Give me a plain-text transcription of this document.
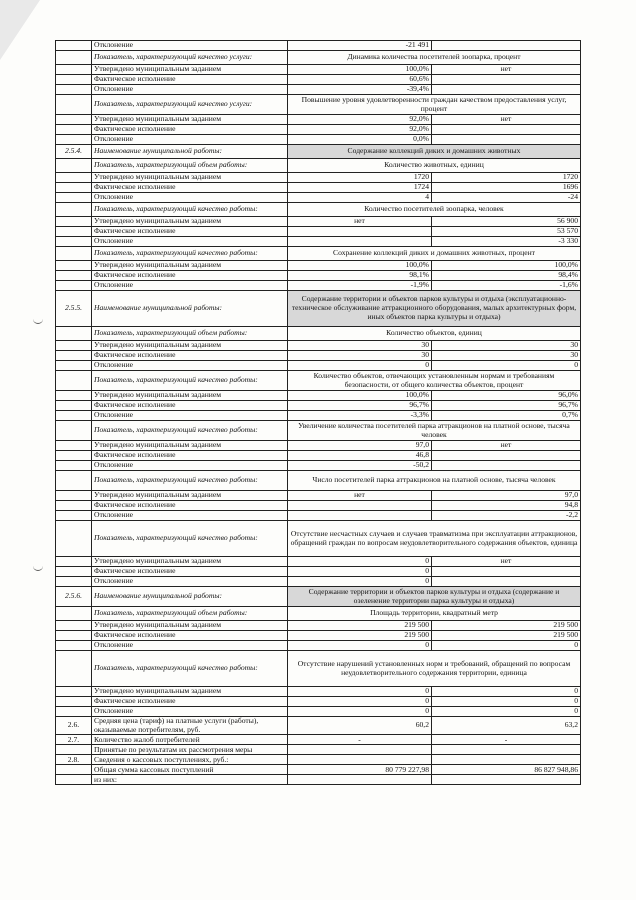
	Отклонение	-21 491	
	Показатель, характеризующий качество услуги:	Динамика количества посетителей зоопарка, процент	
	Утверждено муниципальным заданием	100,0%	нет
	Фактическое исполнение	60,6%	
	Отклонение	-39,4%	
	Показатель, характеризующий качество услуги:	Повышение уровня удовлетворенности граждан качеством предоставления услуг, процент	
	Утверждено муниципальным заданием	92,0%	нет
	Фактическое исполнение	92,0%	
	Отклонение	0,0%	
2.5.4.	Наименование муниципальной работы:	Содержание коллекций диких и домашних животных	
	Показатель, характеризующий объем работы:	Количество животных, единиц	
	Утверждено муниципальным заданием	1720	1720
	Фактическое исполнение	1724	1696
	Отклонение	4	-24
	Показатель, характеризующий качество работы:	Количество посетителей зоопарка, человек	
	Утверждено муниципальным заданием	нет	56 900
	Фактическое исполнение		53 570
	Отклонение		-3 330
	Показатель, характеризующий качество работы:	Сохранение коллекций диких и домашних животных, процент	
	Утверждено муниципальным заданием	100,0%	100,0%
	Фактическое исполнение	98,1%	98,4%
	Отклонение	-1,9%	-1,6%
2.5.5.	Наименование муниципальной работы:	Содержание территории и объектов парков культуры и отдыха (эксплуатационно-техническое обслуживание аттракционного оборудования, малых архитектурных форм, иных объектов парка культуры и отдыха)	
	Показатель, характеризующий объем работы:	Количество объектов, единиц	
	Утверждено муниципальным заданием	30	30
	Фактическое исполнение	30	30
	Отклонение	0	0
	Показатель, характеризующий качество работы:	Количество объектов, отвечающих установленным нормам и требованиям безопасности, от общего количества объектов, процент	
	Утверждено муниципальным заданием	100,0%	96,0%
	Фактическое исполнение	96,7%	96,7%
	Отклонение	-3,3%	0,7%
	Показатель, характеризующий качество работы:	Увеличение количества посетителей парка аттракционов на платной основе, тысяча человек	
	Утверждено муниципальным заданием	97,0	нет
	Фактическое исполнение	46,8	
	Отклонение	-50,2	
	Показатель, характеризующий качество работы:	Число посетителей парка аттракционов на платной основе, тысяча человек	
	Утверждено муниципальным заданием	нет	97,0
	Фактическое исполнение		94,8
	Отклонение		-2,2
	Показатель, характеризующий качество работы:	Отсутствие несчастных случаев и случаев травматизма при эксплуатации аттракционов, обращений граждан по вопросам неудовлетворительного содержания объектов, единица	
	Утверждено муниципальным заданием	0	нет
	Фактическое исполнение	0	
	Отклонение	0	
2.5.6.	Наименование муниципальной работы:	Содержание территории и объектов парков культуры и отдыха (содержание и озеленение территории парка культуры и отдыха)	
	Показатель, характеризующий объем работы:	Площадь территории, квадратный метр	
	Утверждено муниципальным заданием	219 500	219 500
	Фактическое исполнение	219 500	219 500
	Отклонение	0	0
	Показатель, характеризующий качество работы:	Отсутствие нарушений установленных норм и требований, обращений по вопросам неудовлетворительного содержания территории, единица	
	Утверждено муниципальным заданием	0	0
	Фактическое исполнение	0	0
	Отклонение	0	0
2.6.	Средняя цена (тариф) на платные услуги (работы), оказываемые потребителям, руб.	60,2	63,2
2.7.	Количество жалоб потребителей	-	-
	Принятые по результатам их рассмотрения меры		
2.8.	Сведения о кассовых поступлениях, руб.:		
	Общая сумма кассовых поступлений	80 779 227,98	86 827 948,86
	из них:		
